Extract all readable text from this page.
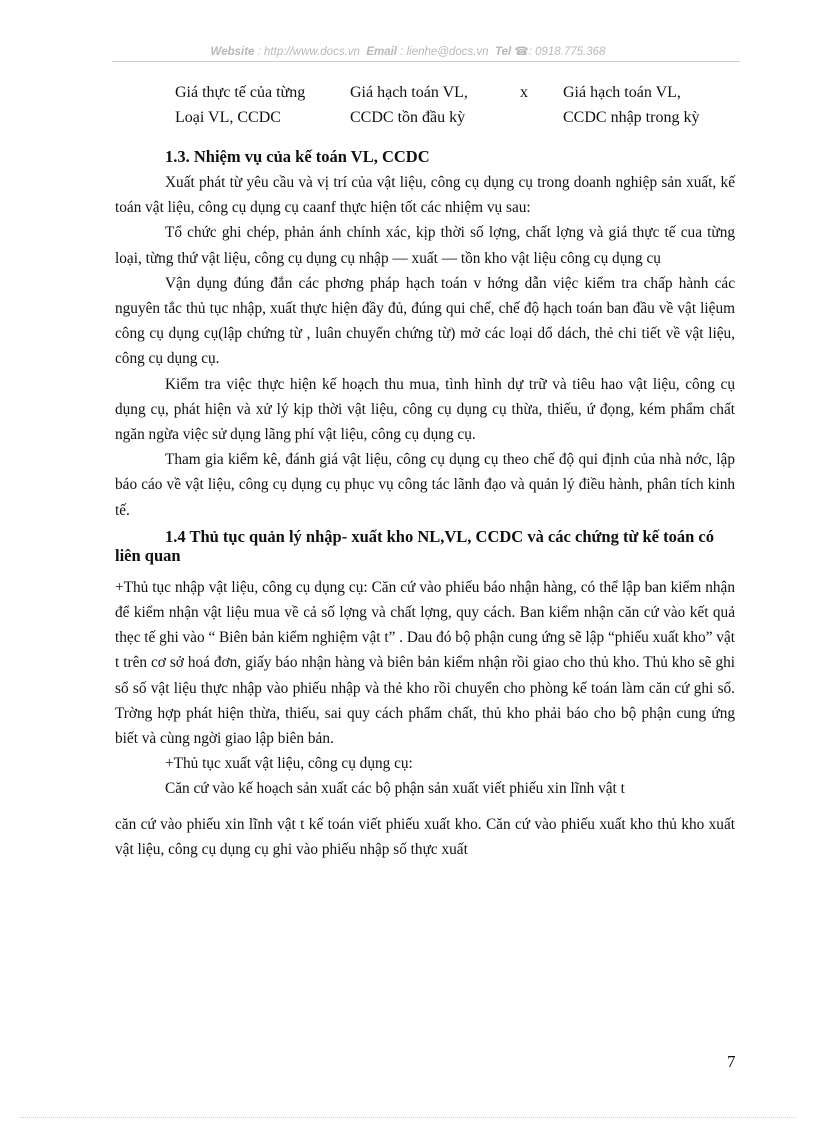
Website : http://www.docs.vn Email : lienhe@docs.vn Tel ☎: 0918.775.368
Giá thực tế của từng
Loại VL, CCDC
Giá hạch toán VL,
CCDC tồn đầu kỳ
x Giá hạch toán VL,
CCDC nhập trong kỳ
1.3. Nhiệm vụ của kế toán VL, CCDC

Xuất phát từ yêu cầu và vị trí của vật liệu, công cụ dụng cụ trong doanh nghiệp sản xuất, kế toán vật liệu, công cụ dụng cụ caanf thực hiện tốt các nhiệm vụ sau:

Tổ chức ghi chép, phản ánh chính xác, kịp thời số lợng, chất lợng và giá thực tế cua từng loại, từng thứ vật liệu, công cụ dụng cụ nhập — xuất — tồn kho vật liệu công cụ dụng cụ

Vận dụng đúng đắn các phơng pháp hạch toán v hớng dẫn việc kiểm tra chấp hành các nguyên tắc thủ tục nhập, xuất thực hiện đầy đủ, đúng qui chế, chế độ hạch toán ban đầu về vật liệum công cụ dụng cụ(lập chứng từ , luân chuyển chứng từ) mở các loại dổ dách, thẻ chi tiết về vật liệu, công cụ dụng cụ.

Kiểm tra việc thực hiện kế hoạch thu mua, tình hình dự trữ và tiêu hao vật liệu, công cụ dụng cụ, phát hiện và xử lý kịp thời vật liệu, công cụ dụng cụ thừa, thiếu, ứ đọng, kém phẩm chất ngăn ngừa việc sử dụng lãng phí vật liệu, công cụ dụng cụ.

Tham gia kiểm kê, đánh giá vật liệu, công cụ dụng cụ theo chế độ qui định của nhà nớc, lập báo cáo về vật liệu, công cụ dụng cụ phục vụ công tác lãnh đạo và quản lý điều hành, phân tích kinh tế.

1.4 Thủ tục quản lý nhập- xuất kho NL,VL, CCDC và các chứng từ kế toán có liên quan

+Thủ tục nhập vật liệu, công cụ dụng cụ: Căn cứ vào phiếu báo nhận hàng, có thể lập ban kiểm nhận để kiểm nhận vật liệu mua về cả số lợng và chất lợng, quy cách. Ban kiểm nhận căn cứ vào kết quả thẹc tế ghi vào “ Biên bản kiểm nghiệm vật t” . Dau đó bộ phận cung ứng sẽ lập “phiếu xuất kho” vật t trên cơ sở hoá đơn, giấy báo nhận hàng và biên bản kiểm nhận rồi giao cho thủ kho. Thủ kho sẽ ghi sổ số vật liệu thực nhập vào phiếu nhập và thẻ kho rồi chuyển cho phòng kế toán làm căn cứ ghi sổ. Trờng hợp phát hiện thừa, thiếu, sai quy cách phẩm chất, thủ kho phải báo cho bộ phận cung ứng biết và cùng ngời giao lập biên bản.

+Thủ tục xuất vật liệu, công cụ dụng cụ:

Căn cứ vào kế hoạch sản xuất các bộ phận sản xuất viết phiếu xin lĩnh vật t

căn cứ vào phiếu xin lĩnh vật t kế toán viết phiếu xuất kho. Căn cứ vào phiếu xuất kho thủ kho xuất vật liệu, công cụ dụng cụ ghi vào phiếu nhập số thực xuất

7
